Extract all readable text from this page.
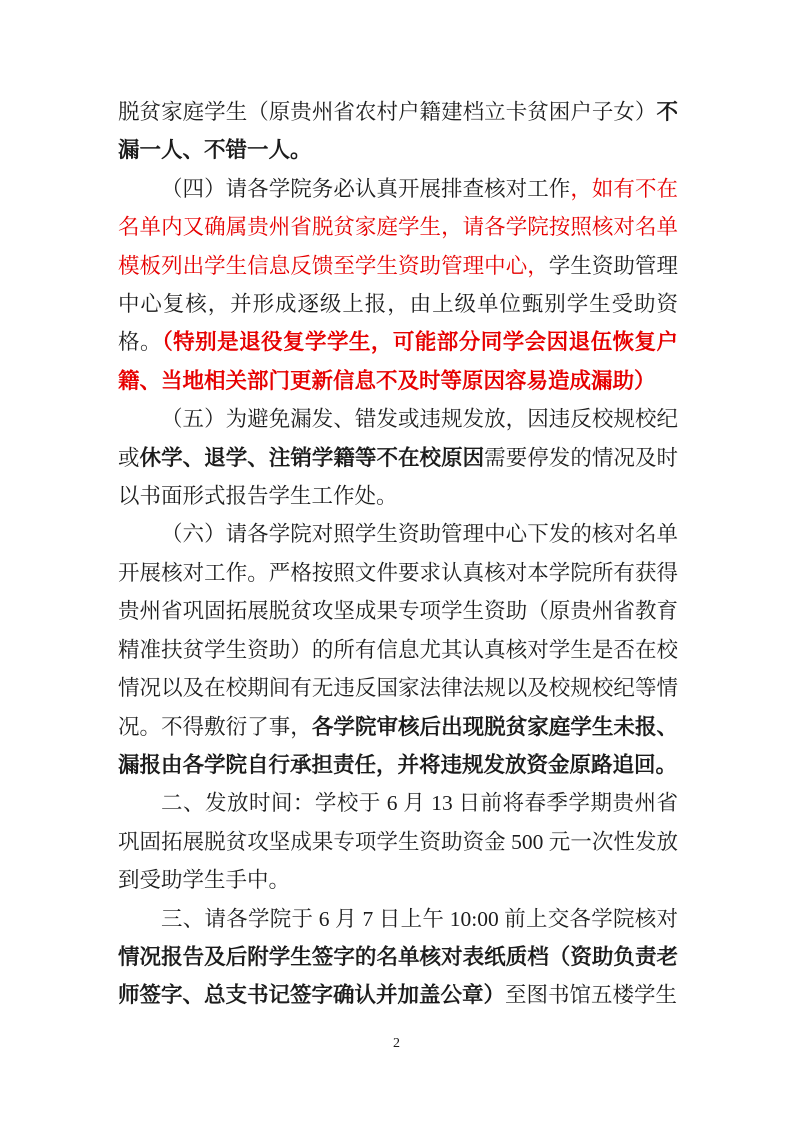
脱贫家庭学生（原贵州省农村户籍建档立卡贫困户子女）不漏一人、不错一人。

（四）请各学院务必认真开展排查核对工作，如有不在名单内又确属贵州省脱贫家庭学生，请各学院按照核对名单模板列出学生信息反馈至学生资助管理中心，学生资助管理中心复核，并形成逐级上报，由上级单位甄别学生受助资格。（特别是退役复学学生，可能部分同学会因退伍恢复户籍、当地相关部门更新信息不及时等原因容易造成漏助）

（五）为避免漏发、错发或违规发放，因违反校规校纪或休学、退学、注销学籍等不在校原因需要停发的情况及时以书面形式报告学生工作处。

（六）请各学院对照学生资助管理中心下发的核对名单开展核对工作。严格按照文件要求认真核对本学院所有获得贵州省巩固拓展脱贫攻坚成果专项学生资助（原贵州省教育精准扶贫学生资助）的所有信息尤其认真核对学生是否在校情况以及在校期间有无违反国家法律法规以及校规校纪等情况。不得敷衍了事，各学院审核后出现脱贫家庭学生未报、漏报由各学院自行承担责任，并将违规发放资金原路追回。

二、发放时间：学校于 6 月 13 日前将春季学期贵州省巩固拓展脱贫攻坚成果专项学生资助资金 500 元一次性发放到受助学生手中。

三、请各学院于 6 月 7 日上午 10:00 前上交各学院核对情况报告及后附学生签字的名单核对表纸质档（资助负责老师签字、总支书记签字确认并加盖公章）至图书馆五楼学生

2
